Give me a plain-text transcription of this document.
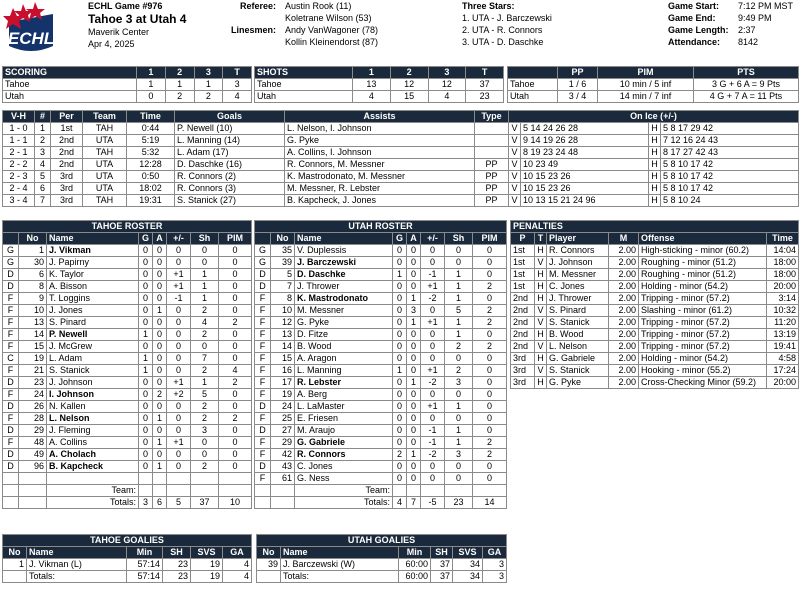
ECHL
ECHL Game #976
Tahoe 3 at Utah 4
Maverik Center
Apr 4, 2025
Referee: Austin Rook (11)
Koletrane Wilson (53)
Linesmen: Andy VanWagoner (78)
Kollin Kleinendorst (87)
Three Stars:
1. UTA - J. Barczewski
2. UTA - R. Connors
3. UTA - D. Daschke
Game Start: 7:12 PM MST
Game End: 9:49 PM
Game Length: 2:37
Attendance: 8142
SCORING	1	2	3	T
Tahoe	1	1	1	3
Utah	0	2	2	4
SHOTS	1	2	3	T
Tahoe	13	12	12	37
Utah	4	15	4	23
	PP	PIM	PTS
Tahoe	1 / 6	10 min / 5 inf	3 G + 6 A = 9 Pts
Utah	3 / 4	14 min / 7 inf	4 G + 7 A = 11 Pts
V-H	#	Per	Team	Time	Goals	Assists	Type	On Ice (+/-)			
1 - 0	1	1st	TAH	0:44	P. Newell (10)	L. Nelson, I. Johnson		V	5 14 24 26 28	H	5 8 17 29 42
1 - 1	2	2nd	UTA	5:19	L. Manning (14)	G. Pyke		V	9 14 19 26 28	H	7 12 16 24 43
2 - 1	3	2nd	TAH	5:32	L. Adam (17)	A. Collins, I. Johnson		V	8 19 23 24 48	H	8 17 27 42 43
2 - 2	4	2nd	UTA	12:28	D. Daschke (16)	R. Connors, M. Messner	PP	V	10 23 49	H	5 8 10 17 42
2 - 3	5	3rd	UTA	0:50	R. Connors (2)	K. Mastrodonato, M. Messner	PP	V	10 15 23 26	H	5 8 10 17 42
2 - 4	6	3rd	UTA	18:02	R. Connors (3)	M. Messner, R. Lebster	PP	V	10 15 23 26	H	5 8 10 17 42
3 - 4	7	3rd	TAH	19:31	S. Stanick (27)	B. Kapcheck, J. Jones	PP	V	10 13 15 21 24 96	H	5 8 10 24
TAHOE ROSTER							
	No	Name	G	A	+/-	Sh	PIM
G	1	J. Vikman	0	0	0	0	0
G	30	J. Papirny	0	0	0	0	0
D	6	K. Taylor	0	0	+1	1	0
D	8	A. Bisson	0	0	+1	1	0
F	9	T. Loggins	0	0	-1	1	0
F	10	J. Jones	0	1	0	2	0
F	13	S. Pinard	0	0	0	4	2
F	14	P. Newell	1	0	0	2	0
F	15	J. McGrew	0	0	0	0	0
C	19	L. Adam	1	0	0	7	0
F	21	S. Stanick	1	0	0	2	4
D	23	J. Johnson	0	0	+1	1	2
F	24	I. Johnson	0	2	+2	5	0
D	26	N. Kallen	0	0	0	2	0
F	28	L. Nelson	0	1	0	2	2
D	29	J. Fleming	0	0	0	3	0
F	48	A. Collins	0	1	+1	0	0
D	49	A. Cholach	0	0	0	0	0
D	96	B. Kapcheck	0	1	0	2	0

		Team:					
		Totals:	3	6	5	37	10
UTAH ROSTER							
	No	Name	G	A	+/-	Sh	PIM
G	35	V. Duplessis	0	0	0	0	0
G	39	J. Barczewski	0	0	0	0	0
D	5	D. Daschke	1	0	-1	1	0
D	7	J. Thrower	0	0	+1	1	2
F	8	K. Mastrodonato	0	1	-2	1	0
F	10	M. Messner	0	3	0	5	2
F	12	G. Pyke	0	1	+1	1	2
F	13	D. Fitze	0	0	0	1	0
F	14	B. Wood	0	0	0	2	2
F	15	A. Aragon	0	0	0	0	0
F	16	L. Manning	1	0	+1	2	0
F	17	R. Lebster	0	1	-2	3	0
F	19	A. Berg	0	0	0	0	0
D	24	L. LaMaster	0	0	+1	1	0
F	25	E. Friesen	0	0	0	0	0
D	27	M. Araujo	0	0	-1	1	0
F	29	G. Gabriele	0	0	-1	1	2
F	42	R. Connors	2	1	-2	3	2
D	43	C. Jones	0	0	0	0	0
F	61	G. Ness	0	0	0	0	0
		Team:					
		Totals:	4	7	-5	23	14
PENALTIES					
P	T	Player	M	Offense	Time
1st	H	R. Connors	2.00	High-sticking - minor (60.2)	14:04
1st	V	J. Johnson	2.00	Roughing - minor (51.2)	18:00
1st	H	M. Messner	2.00	Roughing - minor (51.2)	18:00
1st	H	C. Jones	2.00	Holding - minor (54.2)	20:00
2nd	H	J. Thrower	2.00	Tripping - minor (57.2)	3:14
2nd	V	S. Pinard	2.00	Slashing - minor (61.2)	10:32
2nd	V	S. Stanick	2.00	Tripping - minor (57.2)	11:20
2nd	H	B. Wood	2.00	Tripping - minor (57.2)	13:19
2nd	V	L. Nelson	2.00	Tripping - minor (57.2)	19:41
3rd	H	G. Gabriele	2.00	Holding - minor (54.2)	4:58
3rd	V	S. Stanick	2.00	Hooking - minor (55.2)	17:24
3rd	H	G. Pyke	2.00	Cross-Checking Minor (59.2)	20:00
TAHOE GOALIES					
No	Name	Min	SH	SVS	GA
1	J. Vikman (L)	57:14	23	19	4
	Totals:	57:14	23	19	4
UTAH GOALIES					
No	Name	Min	SH	SVS	GA
39	J. Barczewski (W)	60:00	37	34	3
	Totals:	60:00	37	34	3
